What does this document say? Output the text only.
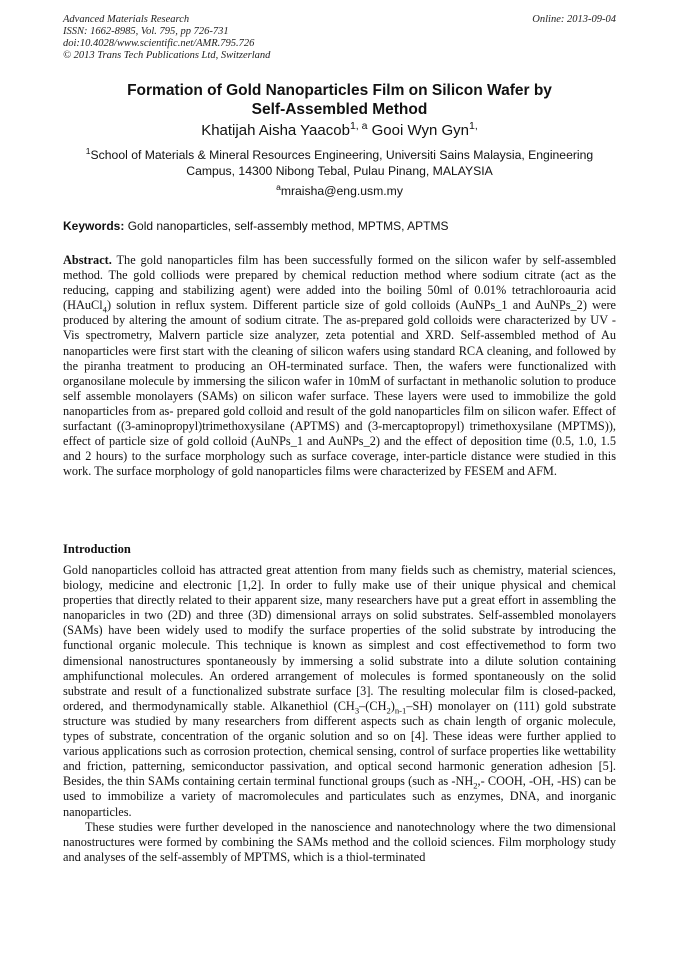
Advanced Materials Research
ISSN: 1662-8985, Vol. 795, pp 726-731
doi:10.4028/www.scientific.net/AMR.795.726
© 2013 Trans Tech Publications Ltd, Switzerland
Online: 2013-09-04
Formation of Gold Nanoparticles Film on Silicon Wafer by
Self-Assembled Method
Khatijah Aisha Yaacob$^{1, a}$ Gooi Wyn Gyn$^{1,}$
$^1$School of Materials & Mineral Resources Engineering, Universiti Sains Malaysia, Engineering
Campus, 14300 Nibong Tebal, Pulau Pinang, MALAYSIA
$^a$mraisha@eng.usm.my
Keywords: Gold nanoparticles, self-assembly method, MPTMS, APTMS

Abstract. The gold nanoparticles film has been successfully formed on the silicon wafer by self-assembled method. The gold colliods were prepared by chemical reduction method where sodium citrate (act as the reducing, capping and stabilizing agent) were added into the boiling 50ml of 0.01% tetrachloroauria acid (HAuCl$_4$) solution in reflux system. Different particle size of gold colloids (AuNPs_1 and AuNPs_2) were produced by altering the amount of sodium citrate. The as-prepared gold colloids were characterized by UV - Vis spectrometry, Malvern particle size analyzer, zeta potential and XRD. Self-assembled method of Au nanoparticles were first start with the cleaning of silicon wafers using standard RCA cleaning, and followed by the piranha treatment to producing an OH-terminated surface. Then, the wafers were functionalized with organosilane molecule by immersing the silicon wafer in 10mM of surfactant in methanolic solution to produce self assemble monolayers (SAMs) on silicon wafer surface. These layers were used to immobilize the gold nanoparticles from as- prepared gold colloid and result of the gold nanoparticles film on silicon wafer. Effect of surfactant ((3-aminopropyl)trimethoxysilane (APTMS) and (3-mercaptopropyl) trimethoxysilane (MPTMS)), effect of particle size of gold colloid (AuNPs_1 and AuNPs_2) and the effect of deposition time (0.5, 1.0, 1.5 and 2 hours) to the surface morphology such as surface coverage, inter-particle distance were studied in this work. The surface morphology of gold nanoparticles films were characterized by FESEM and AFM.

Introduction

Gold nanoparticles colloid has attracted great attention from many fields such as chemistry, material sciences, biology, medicine and electronic [1,2]. In order to fully make use of their unique physical and chemical properties that directly related to their apparent size, many researchers have put a great effort in assembling the nanoparicles in two (2D) and three (3D) dimensional arrays on solid substrates. Self-assembled monolayers (SAMs) have been widely used to modify the surface properties of the solid substrate by introducing the functional organic molecule. This technique is known as simplest and cost effectivemethod to form two dimensional nanostructures spontaneously by immersing a solid substrate into a dilute solution containing amphifunctional molecules. An ordered arrangement of molecules is formed spontaneously on the solid substrate and result of a functionalized substrate surface [3]. The resulting molecular film is closed-packed, ordered, and thermodynamically stable. Alkanethiol $(CH_3-(CH_2)_{n-1}-SH)$ monolayer on (111) gold substrate structure was studied by many researchers from different aspects such as chain length of organic molecule, types of substrate, concentration of the organic solution and so on [4]. These ideas were further applied to various applications such as corrosion protection, chemical sensing, control of surface properties like wettability and friction, patterning, semiconductor passivation, and optical second harmonic generation adhesion [5]. Besides, the thin SAMs containing certain terminal functional groups (such as $-NH_2,-$ COOH, -OH, -HS) can be used to immobilize a variety of macromolecules and particulates such as enzymes, DNA, and inorganic nanoparticles.

These studies were further developed in the nanoscience and nanotechnology where the two dimensional nanostructures were formed by combining the SAMs method and the colloid sciences. Film morphology study and analyses of the self-assembly of MPTMS, which is a thiol-terminated
